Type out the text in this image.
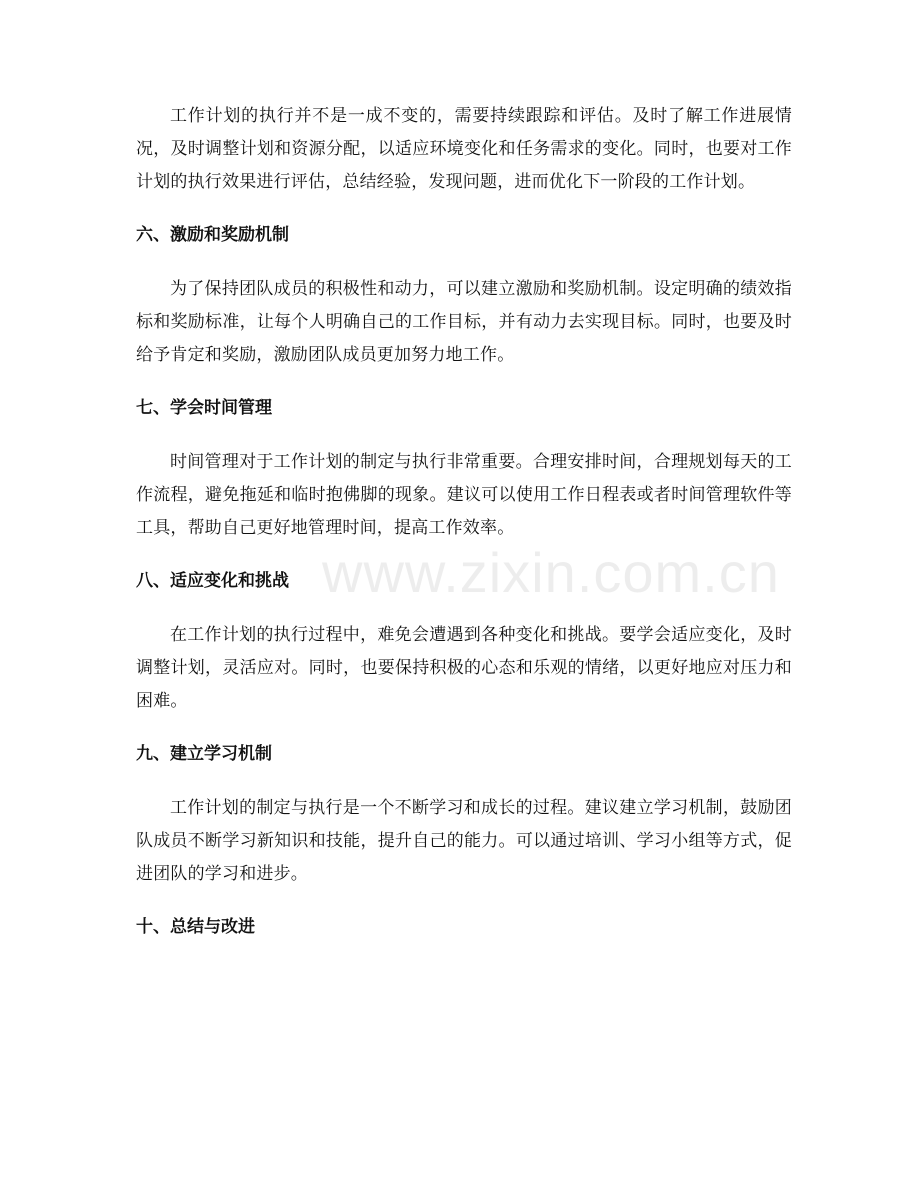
工作计划的执行并不是一成不变的，需要持续跟踪和评估。及时了解工作进展情况，及时调整计划和资源分配，以适应环境变化和任务需求的变化。同时，也要对工作计划的执行效果进行评估，总结经验，发现问题，进而优化下一阶段的工作计划。

六、激励和奖励机制

为了保持团队成员的积极性和动力，可以建立激励和奖励机制。设定明确的绩效指标和奖励标准，让每个人明确自己的工作目标，并有动力去实现目标。同时，也要及时给予肯定和奖励，激励团队成员更加努力地工作。

七、学会时间管理

时间管理对于工作计划的制定与执行非常重要。合理安排时间，合理规划每天的工作流程，避免拖延和临时抱佛脚的现象。建议可以使用工作日程表或者时间管理软件等工具，帮助自己更好地管理时间，提高工作效率。

八、适应变化和挑战

在工作计划的执行过程中，难免会遭遇到各种变化和挑战。要学会适应变化，及时调整计划，灵活应对。同时，也要保持积极的心态和乐观的情绪，以更好地应对压力和困难。

九、建立学习机制

工作计划的制定与执行是一个不断学习和成长的过程。建议建立学习机制，鼓励团队成员不断学习新知识和技能，提升自己的能力。可以通过培训、学习小组等方式，促进团队的学习和进步。

十、总结与改进
www.zixin.com.cn
